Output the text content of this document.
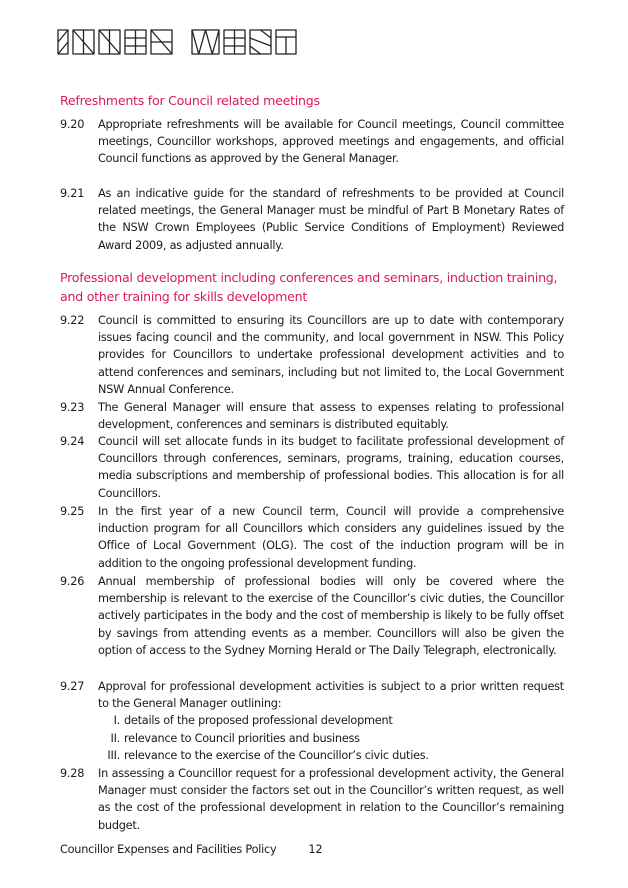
Refreshments for Council related meetings
9.20	Appropriate refreshments will be available for Council meetings, Council committee meetings, Councillor workshops, approved meetings and engagements, and official Council functions as approved by the General Manager.
9.21	As an indicative guide for the standard of refreshments to be provided at Council related meetings, the General Manager must be mindful of Part B Monetary Rates of the NSW Crown Employees (Public Service Conditions of Employment) Reviewed Award 2009, as adjusted annually.
Professional development including conferences and seminars, induction training, and other training for skills development
9.22	Council is committed to ensuring its Councillors are up to date with contemporary issues facing council and the community, and local government in NSW. This Policy provides for Councillors to undertake professional development activities and to attend conferences and seminars, including but not limited to, the Local Government NSW Annual Conference.
9.23	The General Manager will ensure that assess to expenses relating to professional development, conferences and seminars is distributed equitably.
9.24	Council will set allocate funds in its budget to facilitate professional development of Councillors through conferences, seminars, programs, training, education courses, media subscriptions and membership of professional bodies. This allocation is for all Councillors.
9.25	In the first year of a new Council term, Council will provide a comprehensive induction program for all Councillors which considers any guidelines issued by the Office of Local Government (OLG). The cost of the induction program will be in addition to the ongoing professional development funding.
9.26	Annual membership of professional bodies will only be covered where the membership is relevant to the exercise of the Councillor’s civic duties, the Councillor actively participates in the body and the cost of membership is likely to be fully offset by savings from attending events as a member. Councillors will also be given the option of access to the Sydney Morning Herald or The Daily Telegraph, electronically.
9.27	Approval for professional development activities is subject to a prior written request to the General Manager outlining:
I. details of the proposed professional development
II. relevance to Council priorities and business
III. relevance to the exercise of the Councillor’s civic duties.
9.28	In assessing a Councillor request for a professional development activity, the General Manager must consider the factors set out in the Councillor’s written request, as well as the cost of the professional development in relation to the Councillor’s remaining budget.
Councillor Expenses and Facilities Policy	12
